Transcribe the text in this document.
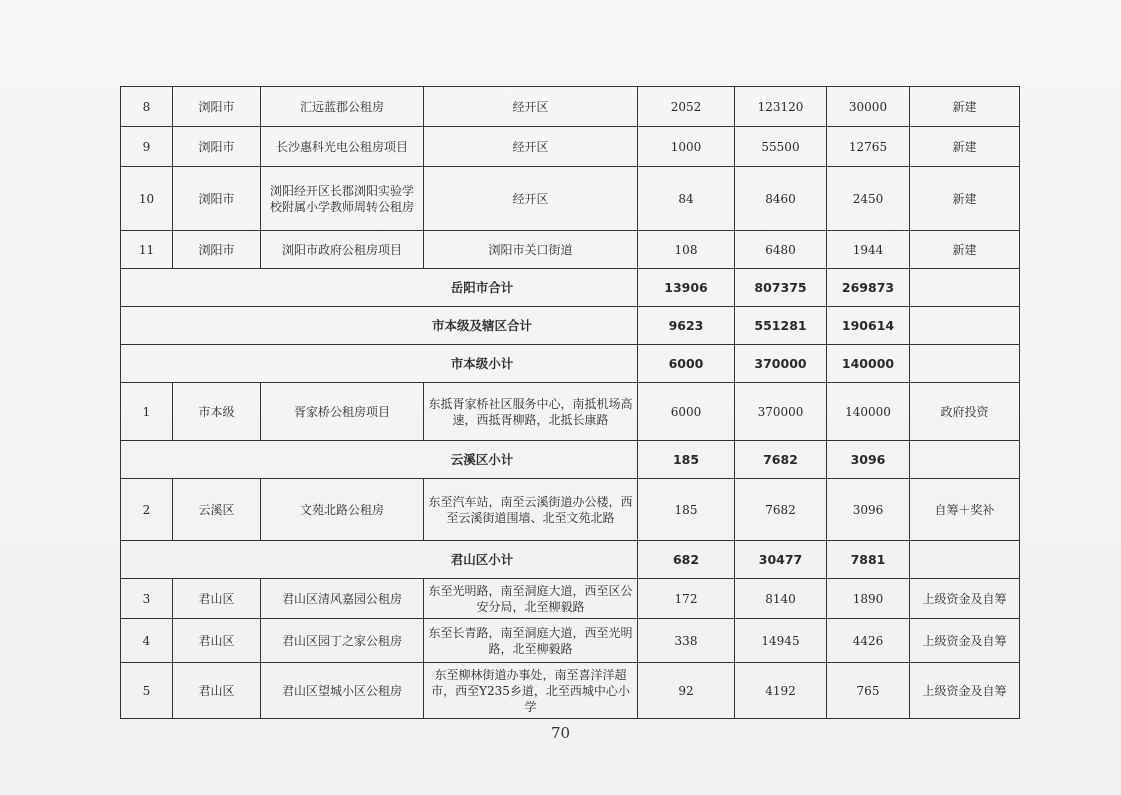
8	浏阳市	汇远蓝郡公租房	经开区	2052	123120	30000	新建
9	浏阳市	长沙惠科光电公租房项目	经开区	1000	55500	12765	新建
10	浏阳市	浏阳经开区长郡浏阳实验学校附属小学教师周转公租房	经开区	84	8460	2450	新建
11	浏阳市	浏阳市政府公租房项目	浏阳市关口街道	108	6480	1944	新建
岳阳市合计				13906	807375	269873	
市本级及辖区合计				9623	551281	190614	
市本级小计				6000	370000	140000	
1	市本级	胥家桥公租房项目	东抵胥家桥社区服务中心，南抵机场高速，西抵胥柳路，北抵长康路	6000	370000	140000	政府投资
云溪区小计				185	7682	3096	
2	云溪区	文苑北路公租房	东至汽车站，南至云溪街道办公楼，西至云溪街道围墙、北至文苑北路	185	7682	3096	自筹＋奖补
君山区小计				682	30477	7881	
3	君山区	君山区清风嘉园公租房	东至光明路，南至洞庭大道，西至区公安分局，北至柳毅路	172	8140	1890	上级资金及自筹
4	君山区	君山区园丁之家公租房	东至长青路，南至洞庭大道，西至光明路，北至柳毅路	338	14945	4426	上级资金及自筹
5	君山区	君山区望城小区公租房	东至柳林街道办事处，南至喜洋洋超市，西至Y235乡道，北至西城中心小学	92	4192	765	上级资金及自筹
70
